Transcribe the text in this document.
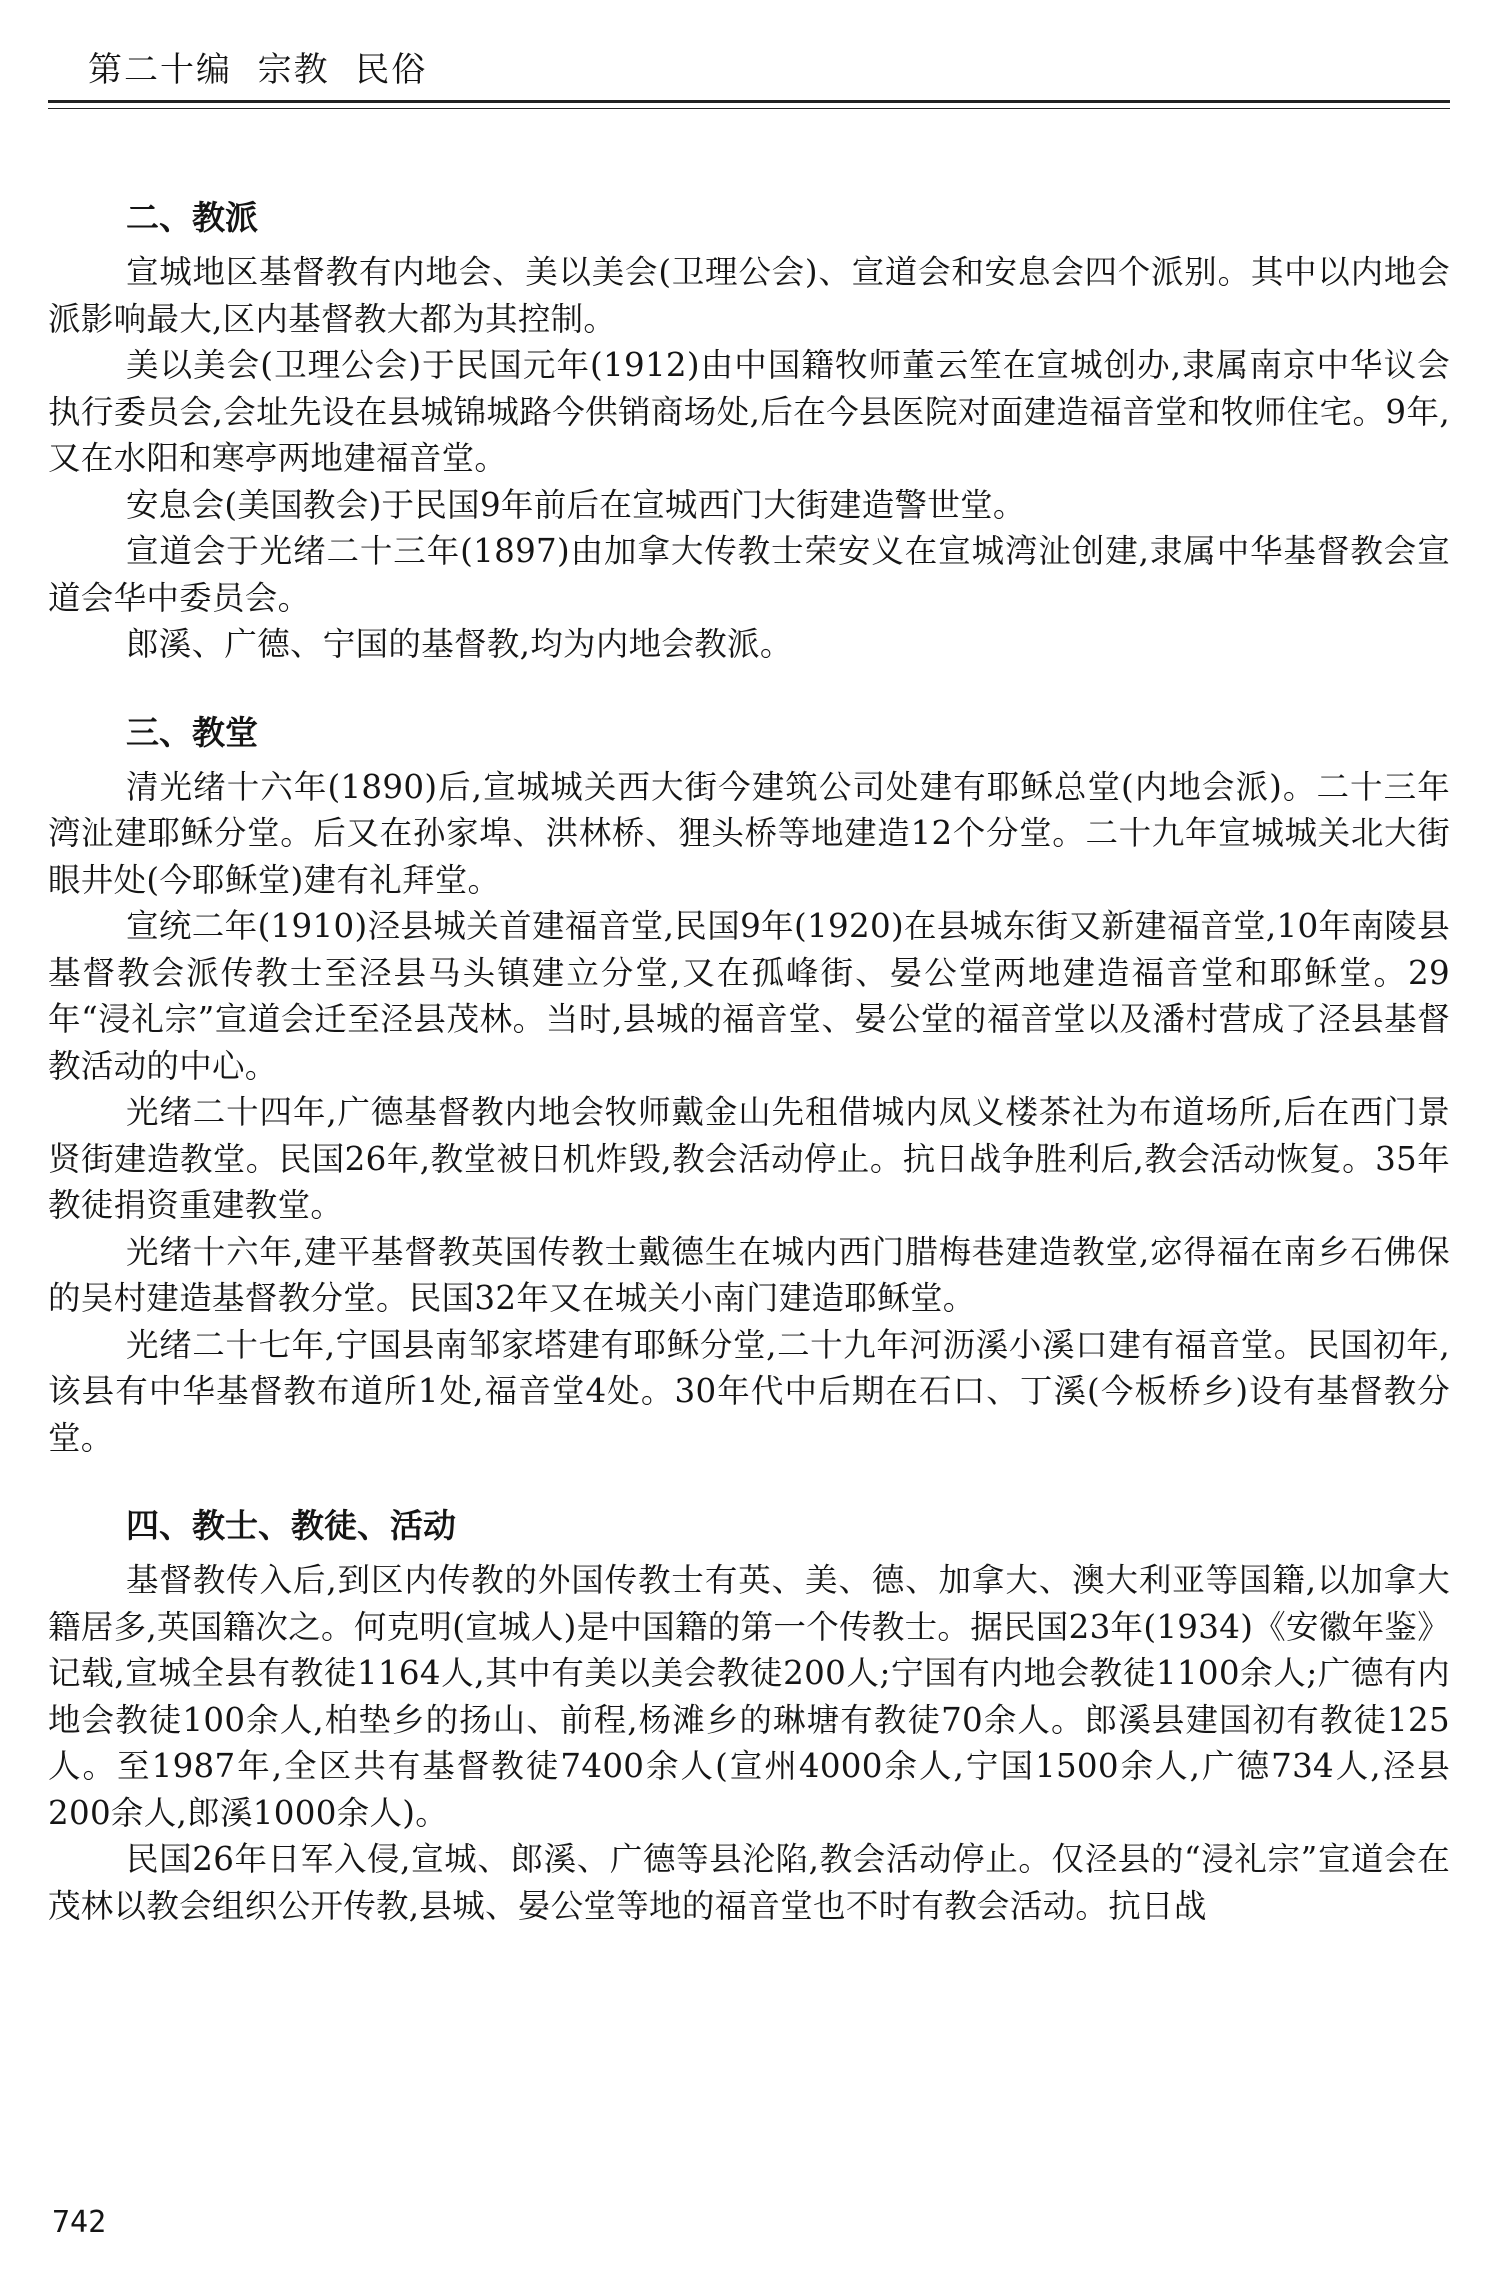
第二十编  宗教  民俗
二、教派

宣城地区基督教有内地会、美以美会(卫理公会)、宣道会和安息会四个派别。其中以内地会派影响最大,区内基督教大都为其控制。

美以美会(卫理公会)于民国元年(1912)由中国籍牧师董云笙在宣城创办,隶属南京中华议会执行委员会,会址先设在县城锦城路今供销商场处,后在今县医院对面建造福音堂和牧师住宅。9年,又在水阳和寒亭两地建福音堂。

安息会(美国教会)于民国9年前后在宣城西门大街建造警世堂。

宣道会于光绪二十三年(1897)由加拿大传教士荣安义在宣城湾沚创建,隶属中华基督教会宣道会华中委员会。

郎溪、广德、宁国的基督教,均为内地会教派。

三、教堂

清光绪十六年(1890)后,宣城城关西大街今建筑公司处建有耶稣总堂(内地会派)。二十三年湾沚建耶稣分堂。后又在孙家埠、洪林桥、狸头桥等地建造12个分堂。二十九年宣城城关北大街眼井处(今耶稣堂)建有礼拜堂。

宣统二年(1910)泾县城关首建福音堂,民国9年(1920)在县城东街又新建福音堂,10年南陵县基督教会派传教士至泾县马头镇建立分堂,又在孤峰街、晏公堂两地建造福音堂和耶稣堂。29年“浸礼宗”宣道会迁至泾县茂林。当时,县城的福音堂、晏公堂的福音堂以及潘村营成了泾县基督教活动的中心。

光绪二十四年,广德基督教内地会牧师戴金山先租借城内凤义楼茶社为布道场所,后在西门景贤街建造教堂。民国26年,教堂被日机炸毁,教会活动停止。抗日战争胜利后,教会活动恢复。35年教徒捐资重建教堂。

光绪十六年,建平基督教英国传教士戴德生在城内西门腊梅巷建造教堂,宓得福在南乡石佛保的吴村建造基督教分堂。民国32年又在城关小南门建造耶稣堂。

光绪二十七年,宁国县南邹家塔建有耶稣分堂,二十九年河沥溪小溪口建有福音堂。民国初年,该县有中华基督教布道所1处,福音堂4处。30年代中后期在石口、丁溪(今板桥乡)设有基督教分堂。

四、教士、教徒、活动

基督教传入后,到区内传教的外国传教士有英、美、德、加拿大、澳大利亚等国籍,以加拿大籍居多,英国籍次之。何克明(宣城人)是中国籍的第一个传教士。据民国23年(1934)《安徽年鉴》记载,宣城全县有教徒1164人,其中有美以美会教徒200人;宁国有内地会教徒1100余人;广德有内地会教徒100余人,柏垫乡的扬山、前程,杨滩乡的琳塘有教徒70余人。郎溪县建国初有教徒125人。至1987年,全区共有基督教徒7400余人(宣州4000余人,宁国1500余人,广德734人,泾县200余人,郎溪1000余人)。

民国26年日军入侵,宣城、郎溪、广德等县沦陷,教会活动停止。仅泾县的“浸礼宗”宣道会在茂林以教会组织公开传教,县城、晏公堂等地的福音堂也不时有教会活动。抗日战

742
